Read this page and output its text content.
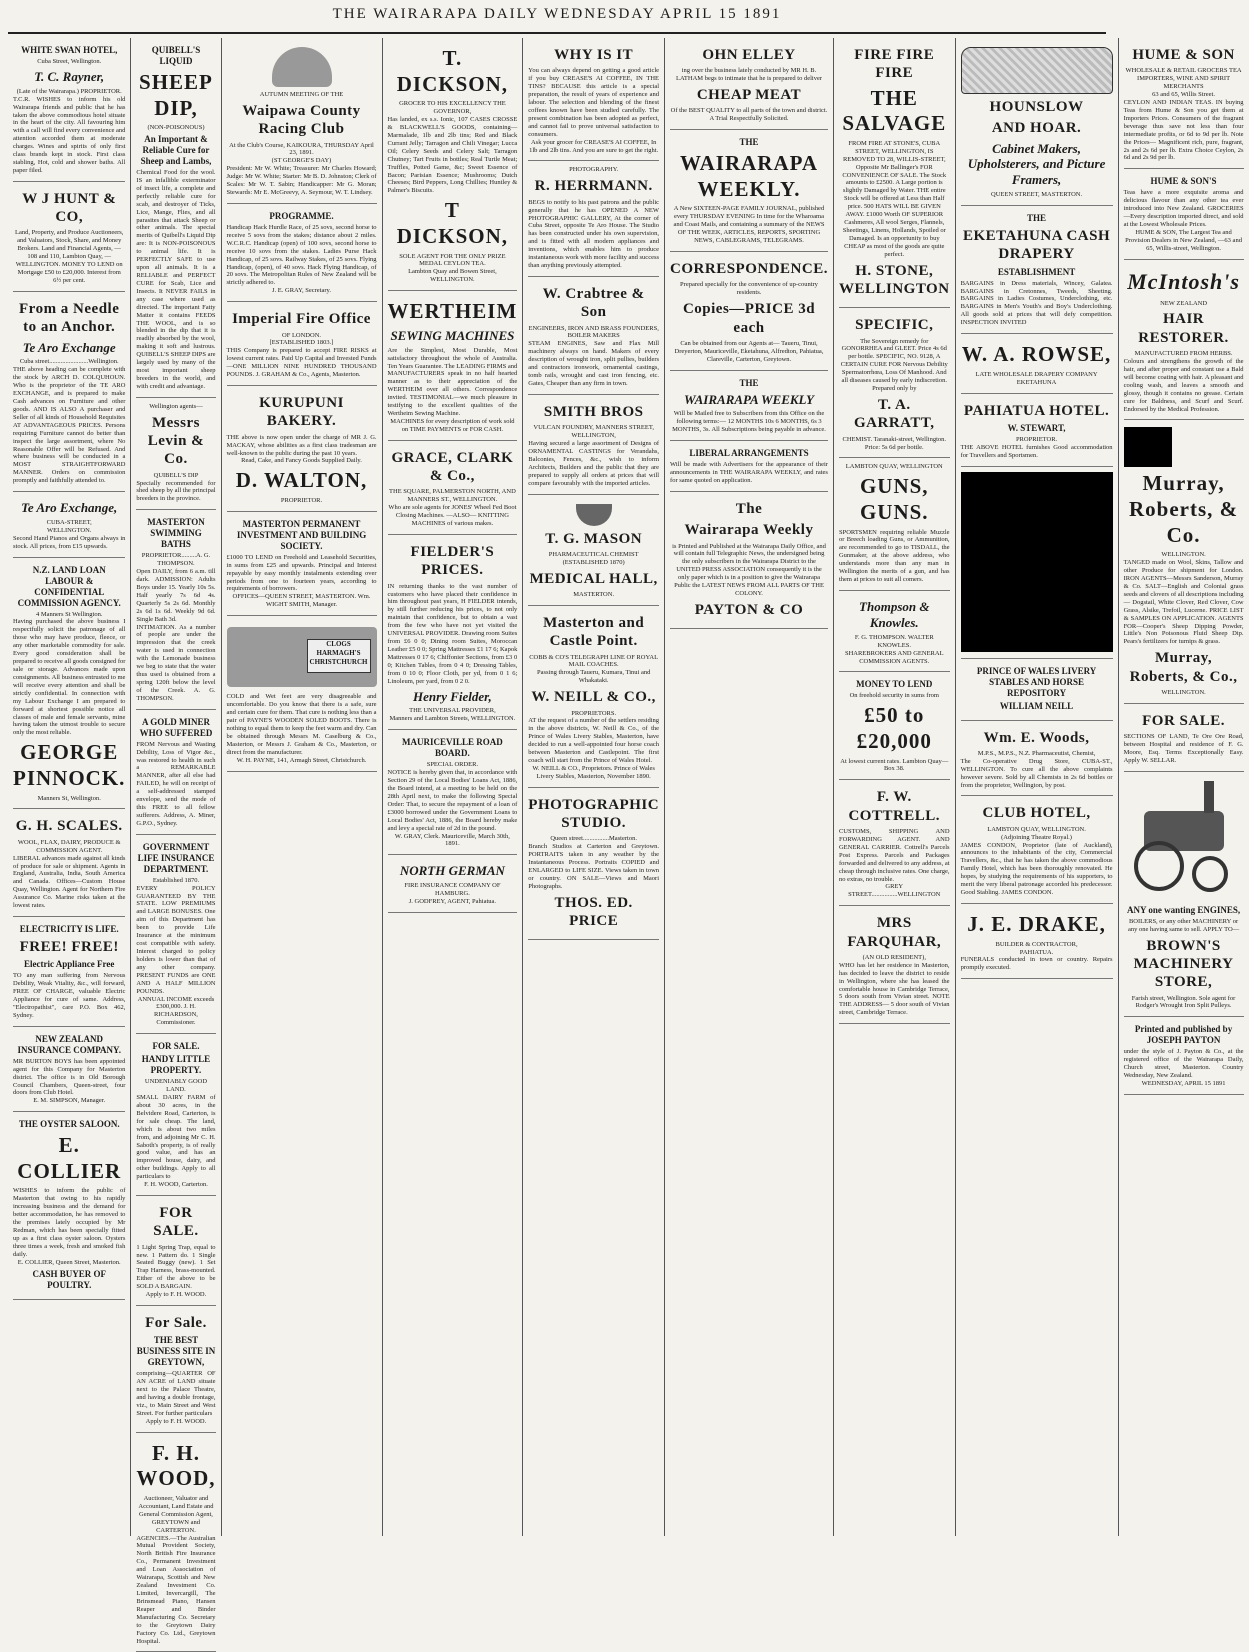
THE WAIRARAPA DAILY WEDNESDAY APRIL 15 1891
WHITE SWAN HOTEL,
Cuba Street, Wellington.
T. C. Rayner,
(Late of the Wairarapa.) PROPRIETOR.
T.C.R. WISHES to inform his old Wairarapa friends and public that he has taken the above commodious hotel situate in the heart of the city. All favouring him with a call will find every convenience and attention accorded them at moderate charges. Wines and spirits of only first class brands kept in stock. First class stabling, Hot, cold and shower baths. All paper filed.
W J HUNT & CO,
Land, Property, and Produce Auctioneers, and Valuators, Stock, Share, and Money Brokers. Land and Financial Agents, — 108 and 110, Lambton Quay, — WELLINGTON. MONEY TO LEND on Mortgage £50 to £20,000. Interest from 6½ per cent.
From a Needle to an Anchor.
Te Aro Exchange
Cuba street........................Wellington.
THE above heading can be complete with the stock by ARCH D. COLQUHOUN. Who is the proprietor of the TE ARO EXCHANGE, and is prepared to make Cash advances on Furniture and other goods. AND IS ALSO A purchaser and Seller of all kinds of Household Requisites AT ADVANTAGEOUS PRICES. Persons requiring Furniture cannot do better than inspect the large assortment, where No Reasonable Offer will be Refused. And where business will be conducted in a MOST STRAIGHTFORWARD MANNER. Orders on commission promptly and faithfully attended to.
Te Aro Exchange,
CUBA-STREET,
WELLINGTON.
Second Hand Pianos and Organs always in stock. All prices, from £15 upwards.
N.Z. LAND LOAN LABOUR & CONFIDENTIAL COMMISSION AGENCY.
4 Manners St Wellington.
Having purchased the above business I respectfully solicit the patronage of all those who may have produce, fleece, or any other marketable commodity for sale. Every good consideration shall be prepared to receive all goods consigned for sale or storage. Advances made upon consignments. All business entrusted to me will receive every attention and shall be strictly confidential. In connection with my Labour Exchange I am prepared to forward at shortest possible notice all classes of male and female servants, mine having taken the utmost trouble to secure only the most reliable.
GEORGE PINNOCK.
Manners St, Wellington.
G. H. SCALES.
WOOL, FLAX, DAIRY, PRODUCE & COMMISSION AGENT.
LIBERAL advances made against all kinds of produce for sale or shipment. Agents in England, Australia, India, South America and Canada. Offices—Custom House Quay, Wellington. Agent for Northern Fire Assurance Co. Marine risks taken at the lowest rates.
ELECTRICITY IS LIFE.
FREE! FREE!
Electric Appliance Free
TO any man suffering from Nervous Debility, Weak Vitality, &c., will forward, FREE OF CHARGE, valuable Electric Appliance for cure of same. Address, "Electropathist", care P.O. Box 462, Sydney.
NEW ZEALAND INSURANCE COMPANY.
MR BURTON BOYS has been appointed agent for this Company for Masterton district. The office is in Old Borough Council Chambers, Queen-street, four doors from Club Hotel.
E. M. SIMPSON, Manager.
THE OYSTER SALOON.
E. COLLIER
WISHES to inform the public of Masterton that owing to his rapidly increasing business and the demand for better accommodation, he has removed to the premises lately occupied by Mr Redman, which has been specially fitted up as a first class oyster saloon. Oysters three times a week, fresh and smoked fish daily.
E. COLLIER, Queen Street, Masterton.
CASH BUYER OF POULTRY.
QUIBELL'S LIQUID
SHEEP DIP,
(NON-POISONOUS)
An Important & Reliable Cure for Sheep and Lambs,
Chemical Food for the wool. IS an infallible exterminator of insect life, a complete and perfectly reliable cure for scab, and destroyer of Ticks, Lice, Mange, Flies, and all parasites that attack Sheep or other animals. The special merits of Quibell's Liquid Dip are: It is NON-POISONOUS to animal life. It is PERFECTLY SAFE to use upon all animals. It is a RELIABLE and PERFECT CURE for Scab, Lice and Insects. It NEVER FAILS in any case where used as directed. The important Fatty Matter it contains FEEDS THE WOOL, and is so blended in the dip that it is readily absorbed by the wool, making it soft and lustrous. QUIBELL'S SHEEP DIPS are largely used by many of the most important sheep breeders in the world, and with credit and advantage.
Wellington agents—
Messrs Levin & Co.
QUIBELL'S DIP
Specially recommended for shed sheep by all the principal breeders in the province.
MASTERTON SWIMMING BATHS
PROPRIETOR.........A. G. THOMPSON.
Open DAILY, from 6 a.m. till dark. ADMISSION: Adults Boys under 15. Yearly 10s 5s. Half yearly 7s 6d 4s. Quarterly 5s 2s 6d. Monthly 2s 6d 1s 6d. Weekly 9d 6d. Single Bath 3d.
INTIMATION. As a number of people are under the impression that the creek water is used in connection with the Lemonade business we beg to state that the water thus used is obtained from a spring 120ft below the level of the Creek. A. G. THOMPSON.
A GOLD MINER WHO SUFFERED
FROM Nervous and Wasting Debility, Loss of Vigor &c., was restored to health in such a REMARKABLE MANNER, after all else had FAILED, he will on receipt of a self-addressed stamped envelope, send the mode of this FREE to all fellow sufferers. Address, A. Miner, G.P.O., Sydney.
GOVERNMENT LIFE INSURANCE DEPARTMENT.
Established 1870.
EVERY POLICY GUARANTEED BY THE STATE. LOW PREMIUMS and LARGE BONUSES. One aim of this Department has been to provide Life Insurance at the minimum cost compatible with safety. Interest charged to policy holders is lower than that of any other company. PRESENT FUNDS are ONE AND A HALF MILLION POUNDS.
ANNUAL INCOME exceeds £300,000. J. H. RICHARDSON, Commissioner.
FOR SALE.
HANDY LITTLE PROPERTY.
UNDENIABLY GOOD LAND.
SMALL DAIRY FARM of about 30 acres, in the Belvidere Road, Carterton, is for sale cheap. The land, which is about two miles from, and adjoining Mr C. H. Saboth's property, is of really good value, and has an improved house, dairy, and other buildings. Apply to all particulars to
F. H. WOOD, Carterton.
FOR SALE.
1 Light Spring Trap, equal to new. 1 Pattern do. 1 Single Seated Buggy (new). 1 Set Trap Harness, brass-mounted. Either of the above to be SOLD A BARGAIN.
Apply to F. H. WOOD.
For Sale.
THE BEST BUSINESS SITE IN GREYTOWN,
comprising—QUARTER OF AN ACRE of LAND situate next to the Palace Theatre, and having a double frontage, viz., to Main Street and West Street. For further particulars
Apply to F. H. WOOD.
F. H. WOOD,
Auctioneer, Valuator and Accountant, Land Estate and General Commission Agent,
GREYTOWN and CARTERTON.
AGENCIES.—The Australian Mutual Provident Society, North British Fire Insurance Co., Permanent Investment and Loan Association of Wairarapa, Scottish and New Zealand Investment Co. Limited, Invercargill, The Brinsmead Piano, Hansen Reaper and Binder Manufacturing Co. Secretary to the Greytown Dairy Factory Co. Ltd., Greytown Hospital.
AUTUMN MEETING OF THE
Waipawa County Racing Club
At the Club's Course, KAIKOURA, THURSDAY April 23, 1891.
(ST GEORGE'S DAY)
President: Mr W. White; Treasurer: Mr Charles Howard; Judge: Mr W. White; Starter: Mr B. D. Johnston; Clerk of Scales: Mr W. T. Sabin; Handicapper: Mr G. Moran; Stewards: Mr E. McGreevy, A. Seymour, W. T. Lindsey.
PROGRAMME.
Handicap Hack Hurdle Race, of 25 sovs, second horse to receive 5 sovs from the stakes; distance about 2 miles. W.C.R.C. Handicap (open) of 100 sovs, second horse to receive 10 sovs from the stakes. Ladies Purse Hack Handicap, of 25 sovs. Railway Stakes, of 25 sovs. Flying Handicap, (open), of 40 sovs. Hack Flying Handicap, of 20 sovs. The Metropolitan Rules of New Zealand will be strictly adhered to.
J. E. GRAY, Secretary.
Imperial Fire Office
OF LONDON.
[ESTABLISHED 1803.]
THIS Company is prepared to accept FIRE RISKS at lowest current rates. Paid Up Capital and Invested Funds—ONE MILLION NINE HUNDRED THOUSAND POUNDS. J. GRAHAM & Co., Agents, Masterton.
KURUPUNI BAKERY.
THE above is now open under the charge of MR J. G. MACKAY, whose abilities as a first class tradesman are well-known to the public during the past 10 years.
Read, Cake, and Fancy Goods Supplied Daily.
D. WALTON,
PROPRIETOR.
MASTERTON PERMANENT INVESTMENT AND BUILDING SOCIETY.
£1000 TO LEND on Freehold and Leasehold Securities, in sums from £25 and upwards. Principal and Interest repayable by easy monthly instalments extending over periods from one to fourteen years, according to requirements of borrowers.
OFFICES—QUEEN STREET, MASTERTON. Wm. WIGHT SMITH, Manager.
CLOGS
HARMAGH'S CHRISTCHURCH
COLD and Wet feet are very disagreeable and uncomfortable. Do you know that there is a safe, sure and certain cure for them. That cure is nothing less than a pair of PAYNE'S WOODEN SOLED BOOTS. There is nothing to equal them to keep the feet warm and dry. Can be obtained through Messrs M. Caselburg & Co., Masterton, or Messrs J. Graham & Co., Masterton, or direct from the manufacturer.
W. H. PAYNE, 141, Armagh Street, Christchurch.
T. DICKSON,
GROCER TO HIS EXCELLENCY THE GOVERNOR,
Has landed, ex s.s. Ionic, 107 CASES CROSSE & BLACKWELL'S GOODS, containing— Marmalade, 1lb and 2lb tins; Red and Black Currant Jelly; Tarragon and Chili Vinegar; Lucca Oil; Celery Seeds and Celery Salt; Tarragon Chutney; Tart Fruits in bottles; Real Turtle Meat; Truffles, Potted Game, &c; Sweet Essence of Bacon; Parisian Essence; Mushrooms; Dutch Cheeses; Bird Peppers, Long Chillies; Huntley & Palmer's Biscuits.
T DICKSON,
SOLE AGENT FOR THE ONLY PRIZE MEDAL CEYLON TEA.
Lambton Quay and Bowen Street, WELLINGTON.
WERTHEIM
SEWING MACHINES
Are the Simplest, Most Durable, Most satisfactory throughout the whole of Australia. Ten Years Guarantee. The LEADING FIRMS and MANUFACTURERS speak in no half hearted manner as to their appreciation of the WERTHEIM over all others. Correspondence invited. TESTIMONIAL—we much pleasure in testifying to the excellent qualities of the Wertheim Sewing Machine.
MACHINES for every description of work sold on TIME PAYMENTS or FOR CASH.
GRACE, CLARK & Co.,
THE SQUARE, PALMERSTON NORTH, AND MANNERS ST., WELLINGTON.
Who are sole agents for JONES' Wheel Fed Boot Closing Machines. —ALSO— KNITTING MACHINES of various makes.
FIELDER'S PRICES.
IN returning thanks to the vast number of customers who have placed their confidence in him throughout past years, H FIELDER intends, by still further reducing his prices, to not only maintain that confidence, but to obtain a vast from the few who have not yet visited the UNIVERSAL PROVIDER. Drawing room Suites from £6 0 0; Dining room Suites, Moroccan Leather £5 0 0; Spring Mattresses £1 17 6; Kapok Mattresses 0 17 6; Chiffonier Sections, from £3 0 0; Kitchen Tables, from 0 4 0; Dressing Tables, from 0 10 0; Floor Cloth, per yd, from 0 1 6; Linoleum, per yard, from 0 2 0.
Henry Fielder,
THE UNIVERSAL PROVIDER,
Manners and Lambton Streets, WELLINGTON.
MAURICEVILLE ROAD BOARD.
SPECIAL ORDER.
NOTICE is hereby given that, in accordance with Section 29 of the Local Bodies' Loans Act, 1886, the Board intend, at a meeting to be held on the 28th April next, to make the following Special Order: That, to secure the repayment of a loan of £3000 borrowed under the Government Loans to Local Bodies' Act, 1886, the Board hereby make and levy a special rate of 2d in the pound.
W. GRAY, Clerk. Mauriceville, March 30th, 1891.
NORTH GERMAN
FIRE INSURANCE COMPANY OF HAMBURG.
J. GODFREY, AGENT, Pahiatua.
WHY IS IT
You can always depend on getting a good article if you buy CREASE'S AI COFFEE, IN THE TINS? BECAUSE this article is a special preparation, the result of years of experience and labour. The selection and blending of the finest coffees known have been studied carefully. The present combination has been adopted as perfect, and cannot fail to prove universal satisfaction to consumers.
Ask your grocer for CREASE'S AI COFFEE, In 1lb and 2lb tins. And you are sure to get the right.
PHOTOGRAPHY.
R. HERRMANN.
BEGS to notify to his past patrons and the public generally that he has OPENED A NEW PHOTOGRAPHIC GALLERY, At the corner of Cuba Street, opposite Te Aro House. The Studio has been constructed under his own supervision, and is fitted with all modern appliances and inventions, which enables him to produce instantaneous work with more facility and success than anything previously attempted.
W. Crabtree & Son
ENGINEERS, IRON AND BRASS FOUNDERS, BOILER MAKERS
STEAM ENGINES, Saw and Flax Mill machinery always on hand. Makers of every description of wrought iron, split pullies, builders and contractors ironwork, ornamental castings, tomb rails, wrought and cast iron fencing, etc. Gates, Cheaper than any firm in town.
SMITH BROS
VULCAN FOUNDRY, MANNERS STREET, WELLINGTON,
Having secured a large assortment of Designs of ORNAMENTAL CASTINGS for Verandahs, Balconies, Fences, &c., wish to inform Architects, Builders and the public that they are prepared to supply all orders at prices that will compare favourably with the imported articles.
T. G. MASON
PHARMACEUTICAL CHEMIST (ESTABLISHED 1870)
MEDICAL HALL,
MASTERTON.
Masterton and Castle Point.
COBB & CO'S TELEGRAPH LINE OF ROYAL MAIL COACHES.
Passing through Taueru, Kumara, Tinui and Whakataki.
W. NEILL & CO.,
PROPRIETORS.
AT the request of a number of the settlers residing in the above districts, W. Neill & Co., of the Prince of Wales Livery Stables, Masterton, have decided to run a well-appointed four horse coach between Masterton and Castlepoint. The first coach will start from the Prince of Wales Hotel.
W. NEILL & CO., Proprietors. Prince of Wales Livery Stables, Masterton, November 1890.
PHOTOGRAPHIC STUDIO.
Queen street................Masterton.
Branch Studios at Carterton and Greytown. PORTRAITS taken in any weather by the Instantaneous Process. Portraits COPIED and ENLARGED to LIFE SIZE. Views taken in town or country. ON SALE—Views and Maori Photographs.
THOS. ED. PRICE
OHN ELLEY
ing over the business lately conducted by MR H. B. LATHAM begs to intimate that he is prepared to deliver
CHEAP MEAT
Of the BEST QUALITY to all parts of the town and district. A Trial Respectfully Solicited.
THE
WAIRARAPA WEEKLY.
A New SIXTEEN-PAGE FAMILY JOURNAL, published every THURSDAY EVENING In time for the Wharoama and Coast Mails, and containing a summary of the NEWS OF THE WEEK, ARTICLES, REPORTS, SPORTING NEWS, CABLEGRAMS, TELEGRAMS.
CORRESPONDENCE.
Prepared specially for the convenience of up-country residents.
Copies—PRICE 3d each
Can be obtained from our Agents at— Taueru, Tinui, Dreyerton, Mauriceville, Eketahuna, Alfredton, Pahiatua, Clareville, Carterton, Greytown.
THE
WAIRARAPA WEEKLY
Will be Mailed free to Subscribers from this Office on the following terms:— 12 MONTHS 10s 6 MONTHS, 6s 3 MONTHS, 3s. All Subscriptions being payable in advance.
LIBERAL ARRANGEMENTS
Will be made with Advertisers for the appearance of their announcements in THE WAIRARAPA WEEKLY, and rates for same quoted on application.
The
Wairarapa Weekly
is Printed and Published at the Wairarapa Daily Office, and will contain full Telegraphic News, the undersigned being the only subscribers in the Wairarapa District to the UNITED PRESS ASSOCIATION consequently it is the only paper which is in a position to give the Wairarapa Public the LATEST NEWS FROM ALL PARTS OF THE COLONY.
PAYTON & CO
FIRE FIRE FIRE
THE SALVAGE
FROM FIRE AT STONE'S, CUBA STREET, WELLINGTON, IS REMOVED TO 28, WILLIS-STREET,
Opposite Mr Ballinger's FOR CONVENIENCE OF SALE. The Stock amounts to £2500. A Large portion is slightly Damaged by Water. THE entire Stock will be offered at Less than Half price. 500 HATS WILL BE GIVEN AWAY. £1000 Worth OF SUPERIOR Cashmeres, All wool Serges, Flannels, Sheetings, Linens, Hollands, Spoiled or Damaged. Is an opportunity to buy CHEAP as most of the goods are quite perfect.
H. STONE, WELLINGTON
SPECIFIC,
The Sovereign remedy for GONORRHEA and GLEET. Price 4s 6d per bottle. SPECIFIC, NO. 9128, A CERTAIN CURE FOR Nervous Debility Spermatorrhœa, Loss Of Manhood. And all diseases caused by early indiscretion. Prepared only by
T. A. GARRATT,
CHEMIST. Taranaki-street, Wellington. Price: 5s 6d per bottle.
LAMBTON QUAY, WELLINGTON
GUNS, GUNS.
SPORTSMEN requiring reliable Muzzle or Breech loading Guns, or Ammunition, are recommended to go to TISDALL, the Gunmaker, at the above address, who understands more than any man in Wellington the merits of a gun, and has them at prices to suit all comers.
Thompson & Knowles.
F. G. THOMPSON. WALTER KNOWLES.
SHAREBROKERS AND GENERAL COMMISSION AGENTS.
MONEY TO LEND
On freehold security in sums from
£50 to £20,000
At lowest current rates. Lambton Quay—Box 38.
F. W. COTTRELL.
CUSTOMS, SHIPPING AND FORWARDING AGENT. AND GENERAL CARRIER. Cottrell's Parcels Post Express. Parcels and Packages forwarded and delivered to any address, at cheap through inclusive rates. One charge, no extras, no trouble.
GREY STREET................WELLINGTON
MRS FARQUHAR,
(AN OLD RESIDENT),
WHO has let her residence in Masterton, has decided to leave the district to reside in Wellington, where she has leased the comfortable house in Cambridge Terrace, 5 doors south from Vivian street. NOTE THE ADDRESS— 5 door south of Vivian street, Cambridge Terrace.
HOUNSLOW
AND HOAR.
Cabinet Makers, Upholsterers, and Picture Framers,
QUEEN STREET, MASTERTON.
THE
EKETAHUNA CASH DRAPERY
ESTABLISHMENT
BARGAINS in Dress materials, Wincey, Galatea. BARGAINS in Cretonnes, Tweeds, Sheeting. BARGAINS in Ladies Costumes, Underclothing, etc. BARGAINS in Men's Youth's and Boy's Underclothing. All goods sold at prices that will defy competition. INSPECTION INVITED
W. A. ROWSE,
LATE WHOLESALE DRAPERY COMPANY EKETAHUNA
PAHIATUA HOTEL.
W. STEWART,
PROPRIETOR.
THE ABOVE HOTEL furnishes Good accommodation for Travellers and Sportsmen.
PRINCE OF WALES LIVERY STABLES AND HORSE REPOSITORY
WILLIAM NEILL
Wm. E. Woods,
M.P.S., M.P.S., N.Z. Pharmaceutist, Chemist,
The Co-operative Drug Store, CUBA-ST., WELLINGTON. To cure all the above complaints however severe. Sold by all Chemists in 2s 6d bottles or from the proprietor, Wellington, by post.
CLUB HOTEL,
LAMBTON QUAY, WELLINGTON.
(Adjoining Theatre Royal.)
JAMES CONDON, Proprietor (late of Auckland), announces to the inhabitants of the city, Commercial Travellers, &c., that he has taken the above commodious Family Hotel, which has been thoroughly renovated. He hopes, by studying the requirements of his supporters, to merit the very liberal patronage accorded his predecessor. Good Stabling. JAMES CONDON.
J. E. DRAKE,
BUILDER & CONTRACTOR,
PAHIATUA.
FUNERALS conducted in town or country. Repairs promptly executed.
HUME & SON
WHOLESALE & RETAIL GROCERS TEA IMPORTERS, WINE AND SPIRIT MERCHANTS
63 and 65, Willis Street.
CEYLON AND INDIAN TEAS. IN buying Teas from Hume & Son you get them at Importers Prices. Consumers of the fragrant beverage thus save not less than four intermediate profits, or 6d to 9d per lb. Note the Prices— Magnificent rich, pure, fragrant, 2s and 2s 6d per lb. Extra Choice Ceylon, 2s 6d and 2s 9d per lb.
HUME & SON'S
Teas have a more exquisite aroma and delicious flavour than any other tea ever introduced into New Zealand. GROCERIES—Every description imported direct, and sold at the Lowest Wholesale Prices.
HUME & SON, The Largest Tea and Provision Dealers in New Zealand, —63 and 65, Willis-street, Wellington.
McIntosh's
NEW ZEALAND
HAIR RESTORER.
MANUFACTURED FROM HERBS.
Colours and strengthens the growth of the hair, and after proper and constant use a Bald will become coating with hair. A pleasant and cooling wash, and leaves a smooth and glossy, though it contains no grease. Certain cure for Baldness, and Scurf and Scurf. Endorsed by the Medical Profession.
Murray, Roberts, & Co.
WELLINGTON.
TANGED made on Wool, Skins, Tallow and other Produce for shipment for London. IRON AGENTS—Messrs Sanderson, Murray & Co. SALT—English and Colonial grass seeds and clovers of all descriptions including— Dogstail, White Clover, Red Clover, Cow Grass, Alsike, Trefoil, Lucerne. PRICE LIST & SAMPLES ON APPLICATION. AGENTS FOR—Cooper's Sheep Dipping Powder, Little's Non Poisonous Fluid Sheep Dip. Pears's fertilizers for turnips & grass.
Murray, Roberts, & Co.,
WELLINGTON.
FOR SALE.
SECTIONS OF LAND, Te Ore Ore Road, between Hospital and residence of F. G. Moore, Esq. Terms Exceptionally Easy. Apply W. SELLAR.
ANY one wanting ENGINES,
BOILERS, or any other MACHINERY or any one having same to sell. APPLY TO—
BROWN'S MACHINERY STORE,
Farish street, Wellington. Sole agent for Rodger's Wrought Iron Split Pulleys.
Printed and published by JOSEPH PAYTON
under the style of J. Payton & Co., at the registered office of the Wairarapa Daily, Church street, Masterton. Country Wednesday, New Zealand.
WEDNESDAY, APRIL 15 1891
